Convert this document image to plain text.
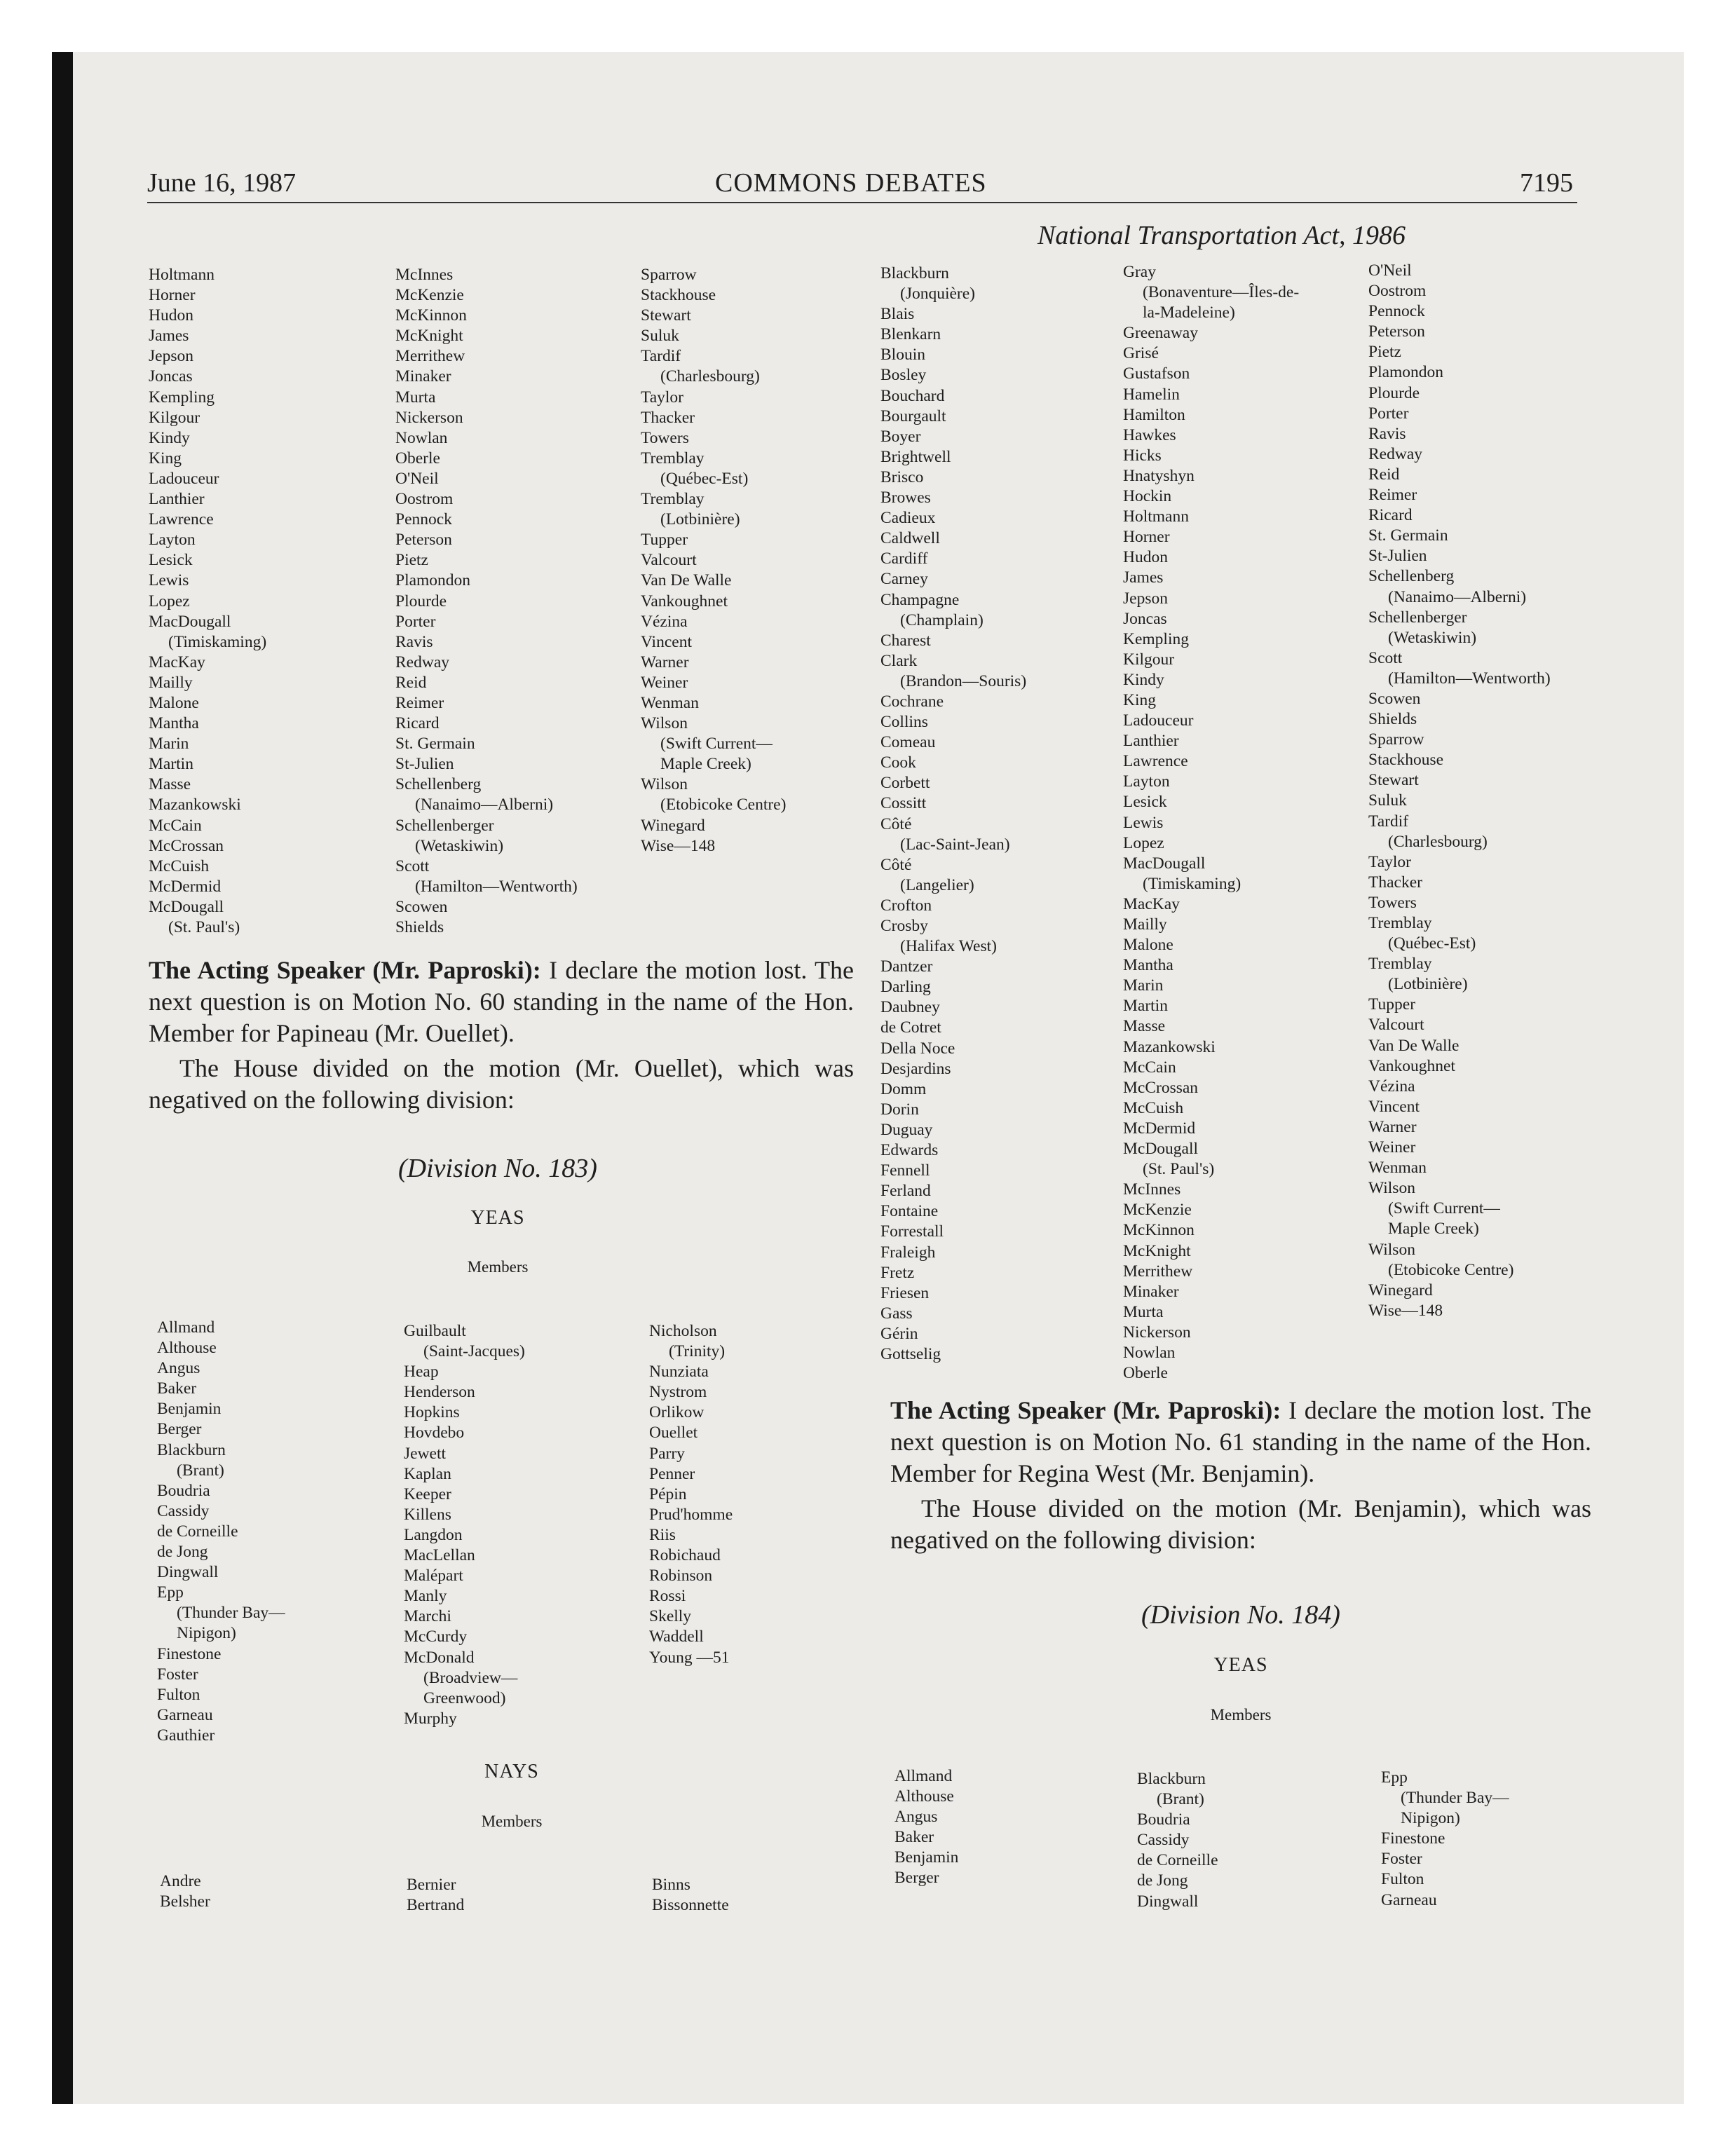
June 16, 1987	COMMONS DEBATES	7195
National Transportation Act, 1986
Holtmann
Horner
Hudon
James
Jepson
Joncas
Kempling
Kilgour
Kindy
King
Ladouceur
Lanthier
Lawrence
Layton
Lesick
Lewis
Lopez
MacDougall
(Timiskaming)
MacKay
Mailly
Malone
Mantha
Marin
Martin
Masse
Mazankowski
McCain
McCrossan
McCuish
McDermid
McDougall
(St. Paul's)
McInnes
McKenzie
McKinnon
McKnight
Merrithew
Minaker
Murta
Nickerson
Nowlan
Oberle
O'Neil
Oostrom
Pennock
Peterson
Pietz
Plamondon
Plourde
Porter
Ravis
Redway
Reid
Reimer
Ricard
St. Germain
St-Julien
Schellenberg
(Nanaimo—Alberni)
Schellenberger
(Wetaskiwin)
Scott
(Hamilton—Wentworth)
Scowen
Shields
Sparrow
Stackhouse
Stewart
Suluk
Tardif
(Charlesbourg)
Taylor
Thacker
Towers
Tremblay
(Québec-Est)
Tremblay
(Lotbinière)
Tupper
Valcourt
Van De Walle
Vankoughnet
Vézina
Vincent
Warner
Weiner
Wenman
Wilson
(Swift Current—
Maple Creek)
Wilson
(Etobicoke Centre)
Winegard
Wise—148
The Acting Speaker (Mr. Paproski): I declare the motion lost. The next question is on Motion No. 60 standing in the name of the Hon. Member for Papineau (Mr. Ouellet).
The House divided on the motion (Mr. Ouellet), which was negatived on the following division:
(Division No. 183)
YEAS
Members
Allmand
Althouse
Angus
Baker
Benjamin
Berger
Blackburn
(Brant)
Boudria
Cassidy
de Corneille
de Jong
Dingwall
Epp
(Thunder Bay—
Nipigon)
Finestone
Foster
Fulton
Garneau
Gauthier
Guilbault
(Saint-Jacques)
Heap
Henderson
Hopkins
Hovdebo
Jewett
Kaplan
Keeper
Killens
Langdon
MacLellan
Malépart
Manly
Marchi
McCurdy
McDonald
(Broadview—
Greenwood)
Murphy
Nicholson
(Trinity)
Nunziata
Nystrom
Orlikow
Ouellet
Parry
Penner
Pépin
Prud'homme
Riis
Robichaud
Robinson
Rossi
Skelly
Waddell
Young —51
NAYS
Members
Andre
Belsher
Bernier
Bertrand
Binns
Bissonnette
Blackburn
(Jonquière)
Blais
Blenkarn
Blouin
Bosley
Bouchard
Bourgault
Boyer
Brightwell
Brisco
Browes
Cadieux
Caldwell
Cardiff
Carney
Champagne
(Champlain)
Charest
Clark
(Brandon—Souris)
Cochrane
Collins
Comeau
Cook
Corbett
Cossitt
Côté
(Lac-Saint-Jean)
Côté
(Langelier)
Crofton
Crosby
(Halifax West)
Dantzer
Darling
Daubney
de Cotret
Della Noce
Desjardins
Domm
Dorin
Duguay
Edwards
Fennell
Ferland
Fontaine
Forrestall
Fraleigh
Fretz
Friesen
Gass
Gérin
Gottselig
Gray
(Bonaventure—Îles-de-
la-Madeleine)
Greenaway
Grisé
Gustafson
Hamelin
Hamilton
Hawkes
Hicks
Hnatyshyn
Hockin
Holtmann
Horner
Hudon
James
Jepson
Joncas
Kempling
Kilgour
Kindy
King
Ladouceur
Lanthier
Lawrence
Layton
Lesick
Lewis
Lopez
MacDougall
(Timiskaming)
MacKay
Mailly
Malone
Mantha
Marin
Martin
Masse
Mazankowski
McCain
McCrossan
McCuish
McDermid
McDougall
(St. Paul's)
McInnes
McKenzie
McKinnon
McKnight
Merrithew
Minaker
Murta
Nickerson
Nowlan
Oberle
O'Neil
Oostrom
Pennock
Peterson
Pietz
Plamondon
Plourde
Porter
Ravis
Redway
Reid
Reimer
Ricard
St. Germain
St-Julien
Schellenberg
(Nanaimo—Alberni)
Schellenberger
(Wetaskiwin)
Scott
(Hamilton—Wentworth)
Scowen
Shields
Sparrow
Stackhouse
Stewart
Suluk
Tardif
(Charlesbourg)
Taylor
Thacker
Towers
Tremblay
(Québec-Est)
Tremblay
(Lotbinière)
Tupper
Valcourt
Van De Walle
Vankoughnet
Vézina
Vincent
Warner
Weiner
Wenman
Wilson
(Swift Current—
Maple Creek)
Wilson
(Etobicoke Centre)
Winegard
Wise—148
The Acting Speaker (Mr. Paproski): I declare the motion lost. The next question is on Motion No. 61 standing in the name of the Hon. Member for Regina West (Mr. Benjamin).
The House divided on the motion (Mr. Benjamin), which was negatived on the following division:
(Division No. 184)
YEAS
Members
Allmand
Althouse
Angus
Baker
Benjamin
Berger
Blackburn
(Brant)
Boudria
Cassidy
de Corneille
de Jong
Dingwall
Epp
(Thunder Bay—
Nipigon)
Finestone
Foster
Fulton
Garneau
